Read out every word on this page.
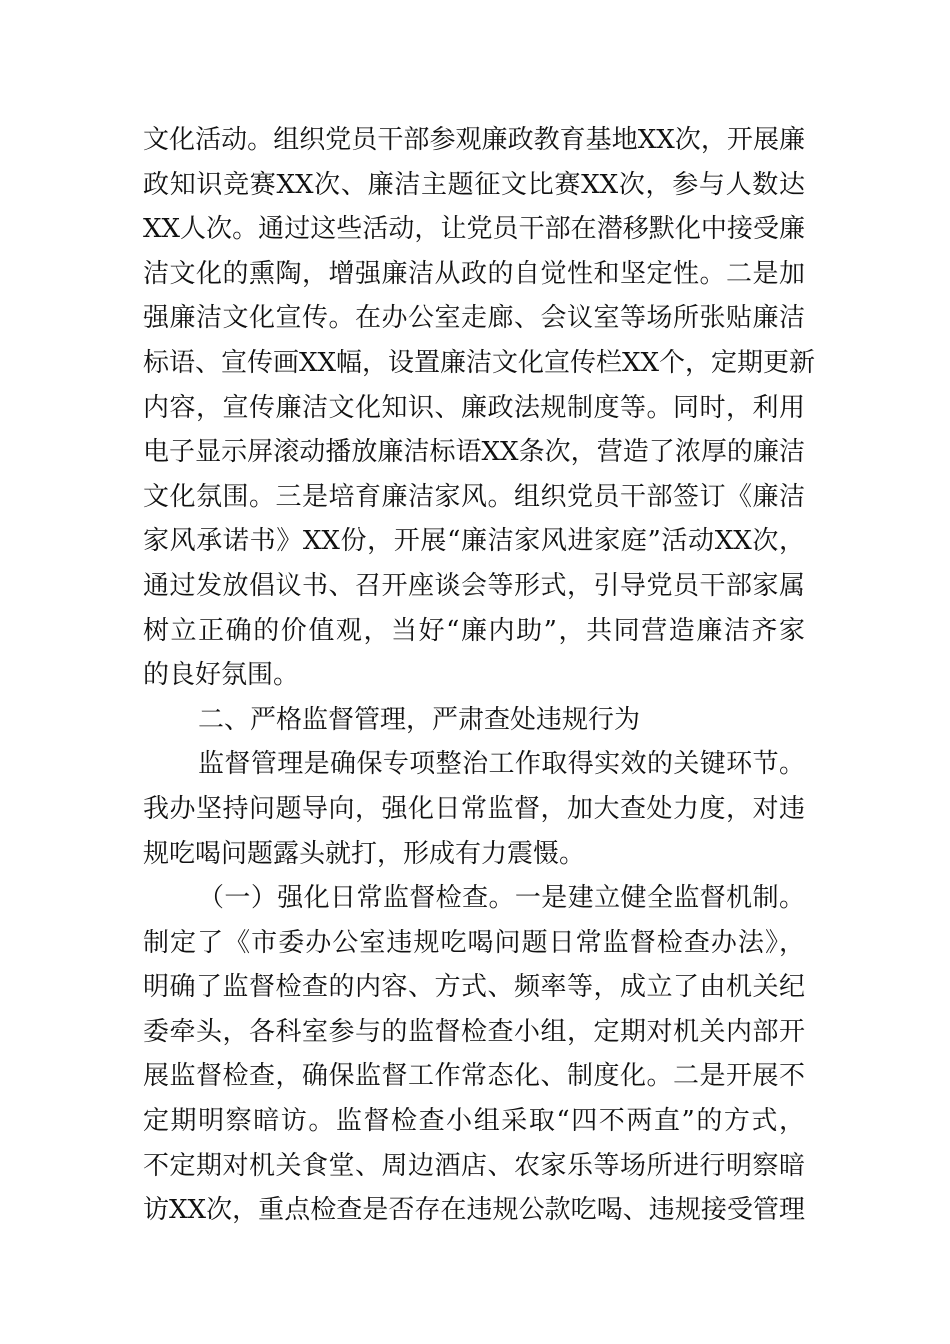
文化活动。组织党员干部参观廉政教育基地XX次，开展廉
政知识竞赛XX次、廉洁主题征文比赛XX次，参与人数达
XX人次。通过这些活动，让党员干部在潜移默化中接受廉
洁文化的熏陶，增强廉洁从政的自觉性和坚定性。二是加
强廉洁文化宣传。在办公室走廊、会议室等场所张贴廉洁
标语、宣传画XX幅，设置廉洁文化宣传栏XX个，定期更新
内容，宣传廉洁文化知识、廉政法规制度等。同时，利用
电子显示屏滚动播放廉洁标语XX条次，营造了浓厚的廉洁
文化氛围。三是培育廉洁家风。组织党员干部签订《廉洁
家风承诺书》XX份，开展“廉洁家风进家庭”活动XX次，
通过发放倡议书、召开座谈会等形式，引导党员干部家属
树立正确的价值观，当好“廉内助”，共同营造廉洁齐家
的良好氛围。
二、严格监督管理，严肃查处违规行为
监督管理是确保专项整治工作取得实效的关键环节。
我办坚持问题导向，强化日常监督，加大查处力度，对违
规吃喝问题露头就打，形成有力震慑。
（一）强化日常监督检查。一是建立健全监督机制。
制定了《市委办公室违规吃喝问题日常监督检查办法》，
明确了监督检查的内容、方式、频率等，成立了由机关纪
委牵头，各科室参与的监督检查小组，定期对机关内部开
展监督检查，确保监督工作常态化、制度化。二是开展不
定期明察暗访。监督检查小组采取“四不两直”的方式，
不定期对机关食堂、周边酒店、农家乐等场所进行明察暗
访XX次，重点检查是否存在违规公款吃喝、违规接受管理
